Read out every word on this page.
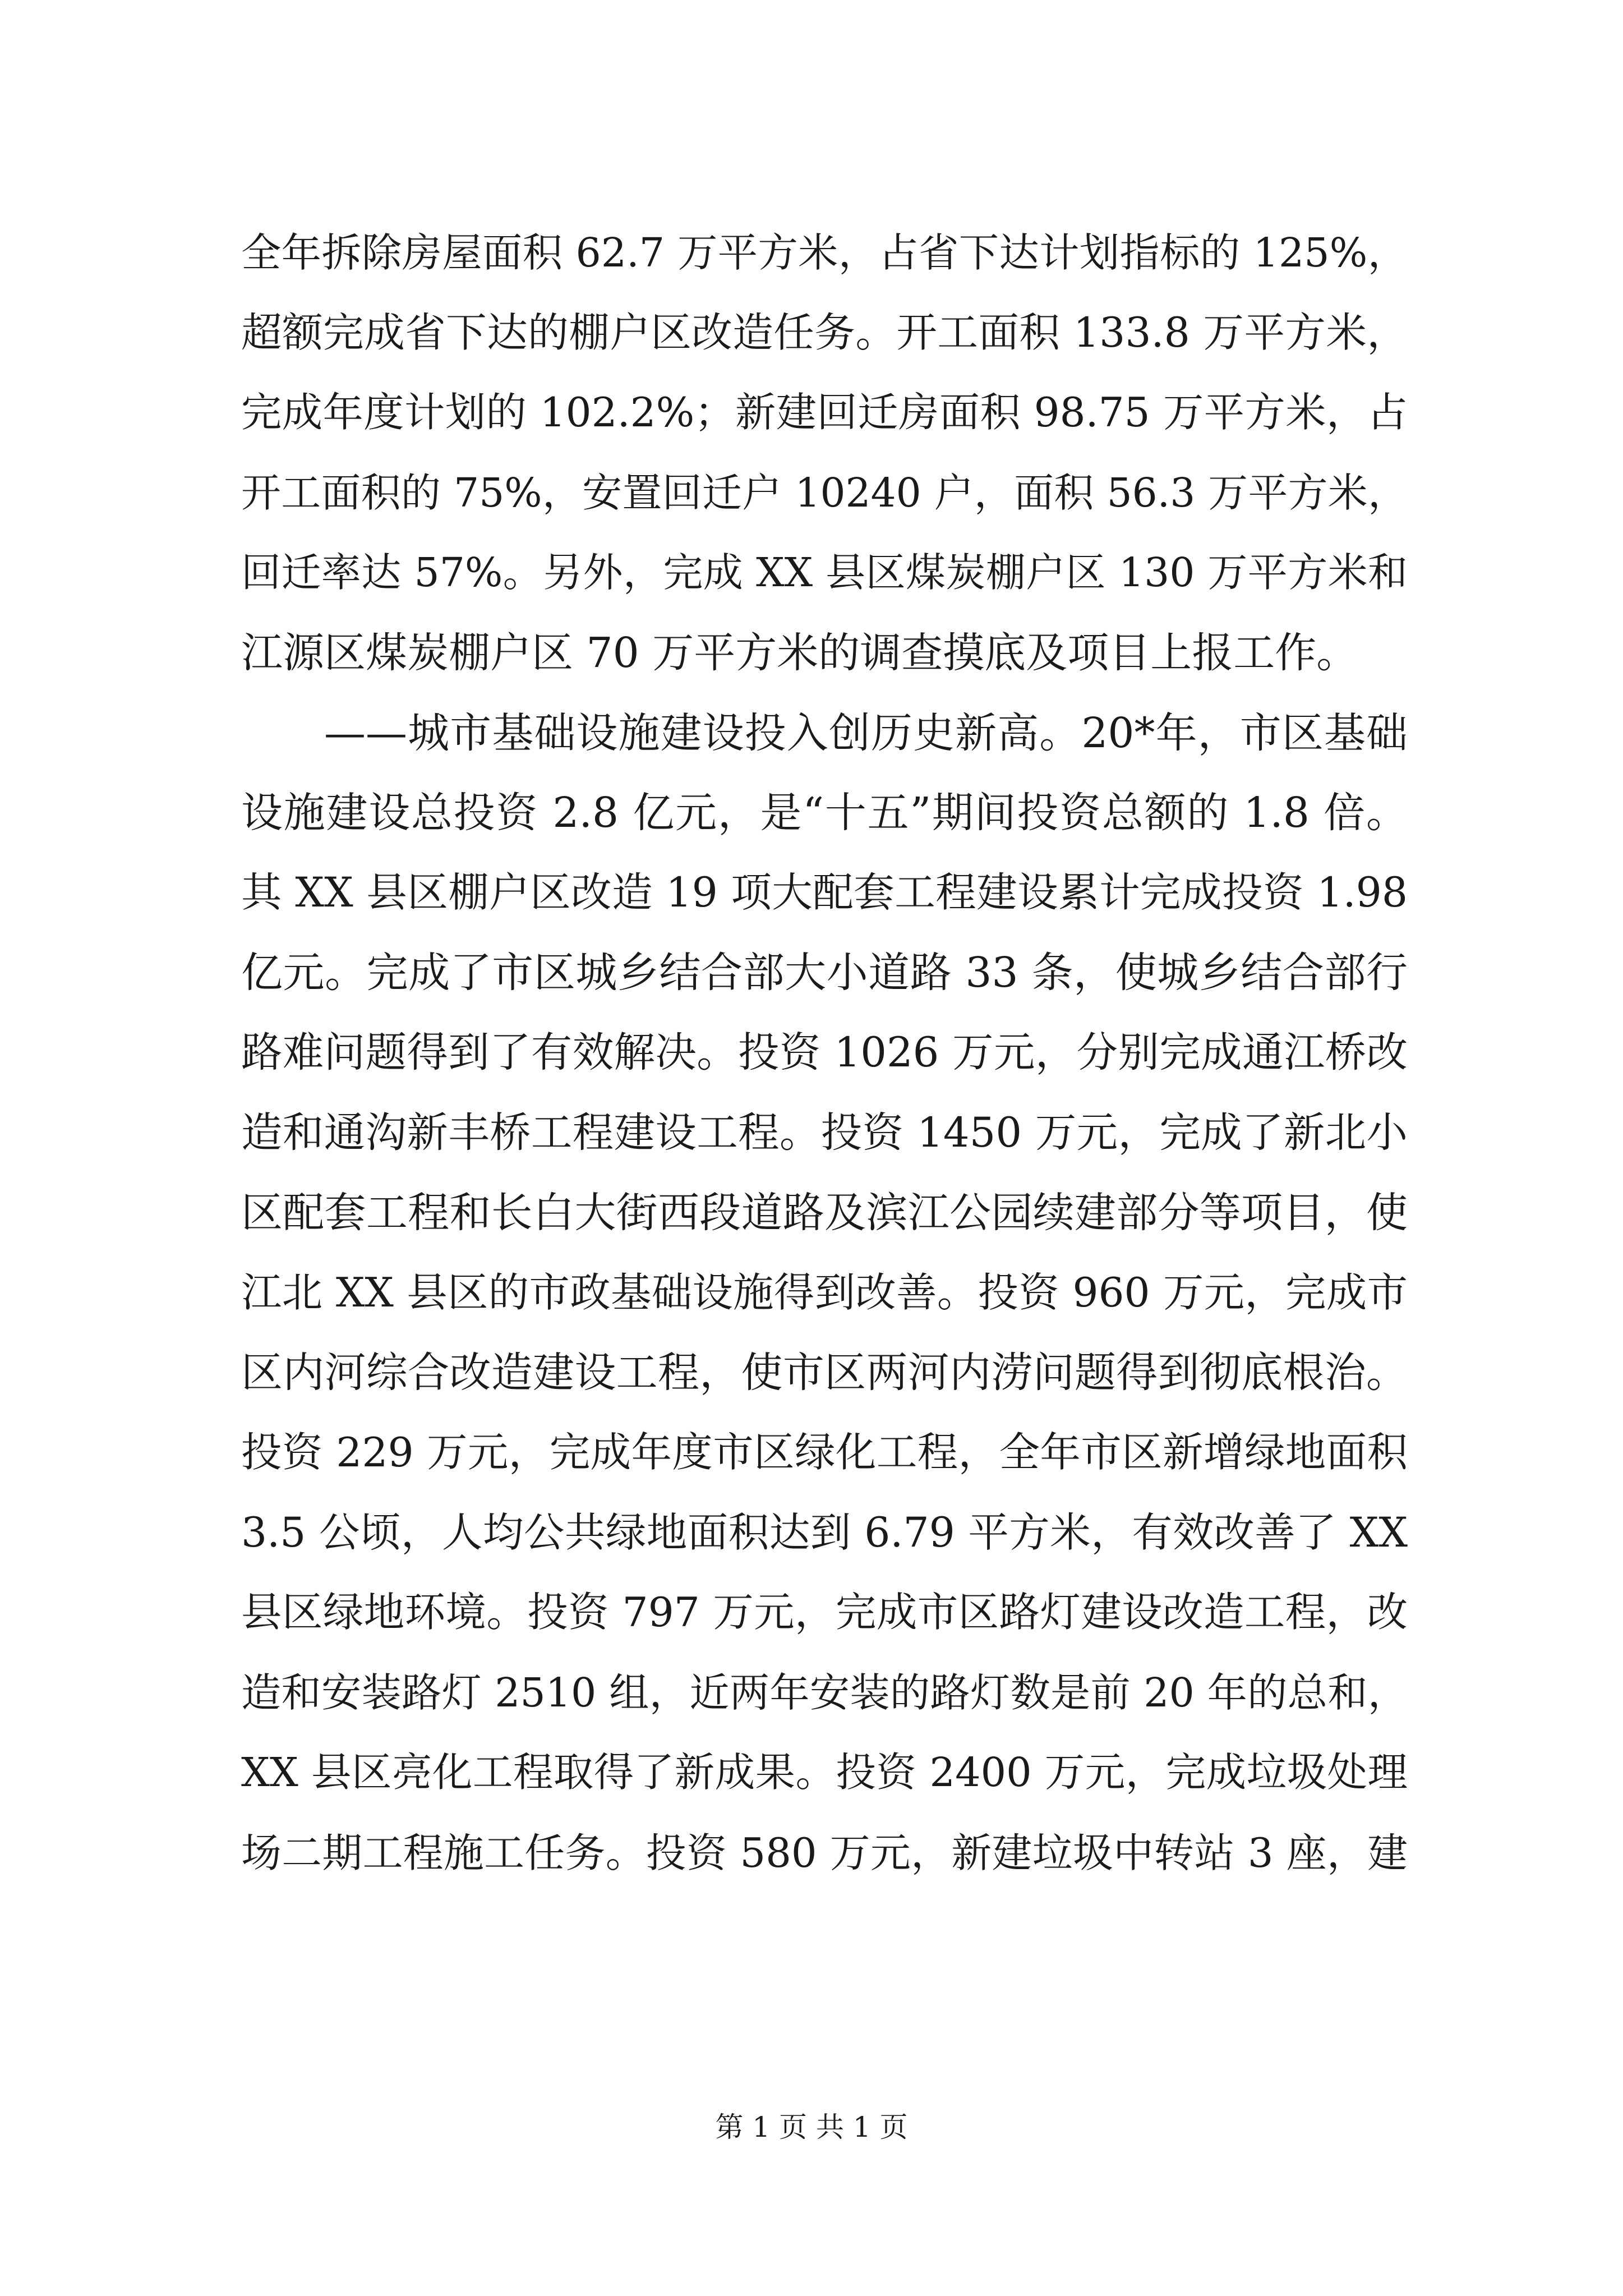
全年拆除房屋面积 62.7 万平方米，占省下达计划指标的 125%，
超额完成省下达的棚户区改造任务。开工面积 133.8 万平方米，
完成年度计划的 102.2%；新建回迁房面积 98.75 万平方米，占
开工面积的 75%，安置回迁户 10240 户，面积 56.3 万平方米，
回迁率达 57%。另外，完成 XX 县区煤炭棚户区 130 万平方米和
江源区煤炭棚户区 70 万平方米的调查摸底及项目上报工作。
——城市基础设施建设投入创历史新高。20*年，市区基础
设施建设总投资 2.8 亿元，是“十五”期间投资总额的 1.8 倍。
其 XX 县区棚户区改造 19 项大配套工程建设累计完成投资 1.98
亿元。完成了市区城乡结合部大小道路 33 条，使城乡结合部行
路难问题得到了有效解决。投资 1026 万元，分别完成通江桥改
造和通沟新丰桥工程建设工程。投资 1450 万元，完成了新北小
区配套工程和长白大街西段道路及滨江公园续建部分等项目，使
江北 XX 县区的市政基础设施得到改善。投资 960 万元，完成市
区内河综合改造建设工程，使市区两河内涝问题得到彻底根治。
投资 229 万元，完成年度市区绿化工程，全年市区新增绿地面积
3.5 公顷，人均公共绿地面积达到 6.79 平方米，有效改善了 XX
县区绿地环境。投资 797 万元，完成市区路灯建设改造工程，改
造和安装路灯 2510 组，近两年安装的路灯数是前 20 年的总和，
XX 县区亮化工程取得了新成果。投资 2400 万元，完成垃圾处理
场二期工程施工任务。投资 580 万元，新建垃圾中转站 3 座，建
第 1 页 共 1 页
